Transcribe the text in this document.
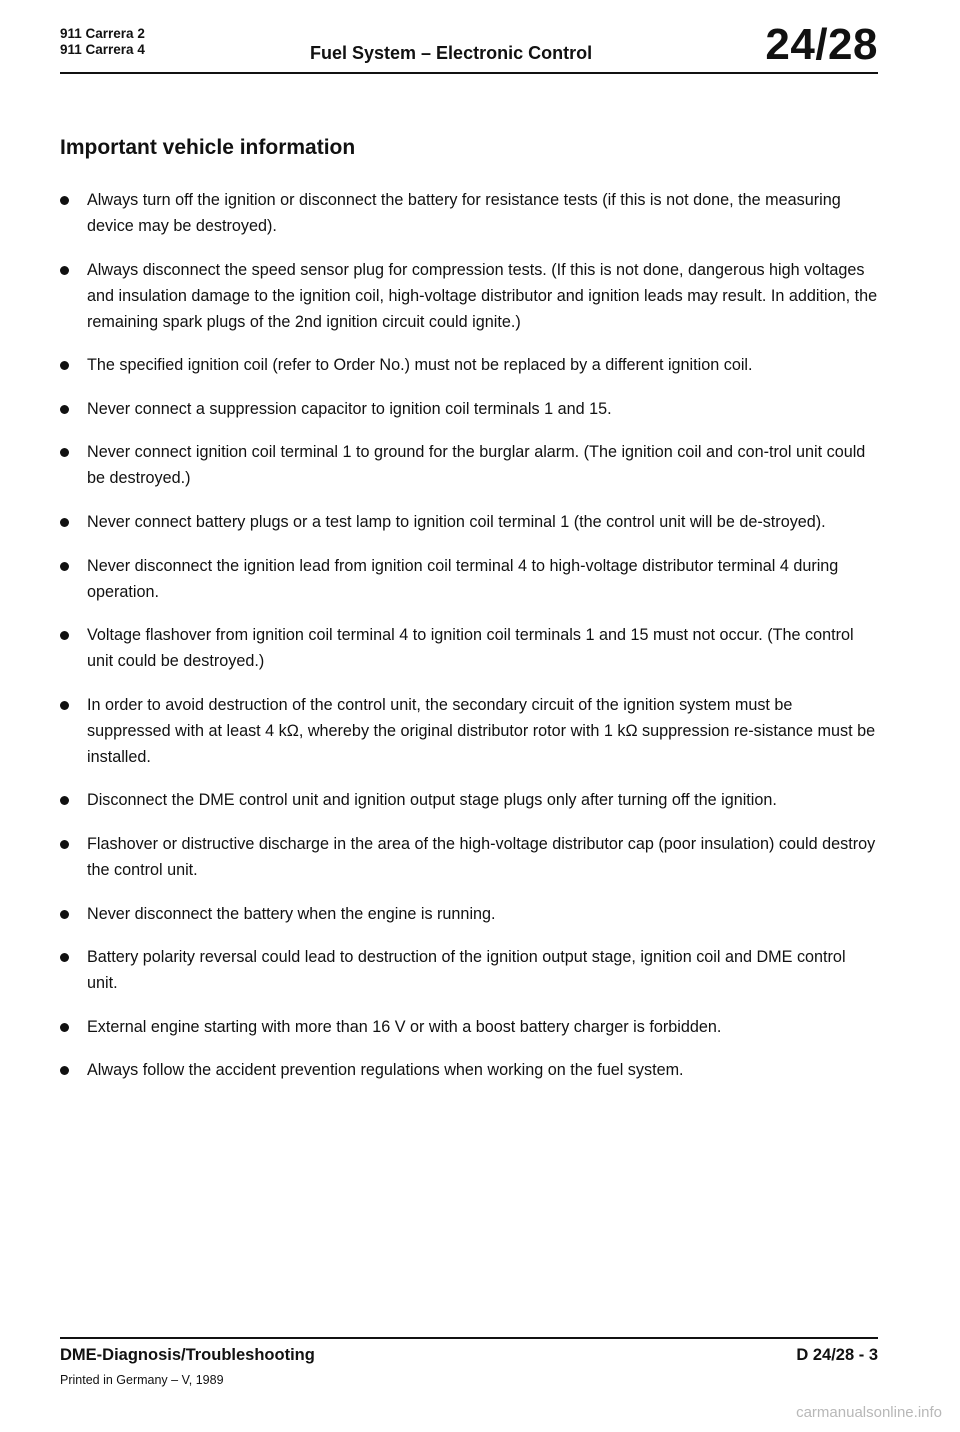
911 Carrera 2
911 Carrera 4	Fuel System – Electronic Control	24/28
Important vehicle information
Always turn off the ignition or disconnect the battery for resistance tests (if this is not done, the measuring device may be destroyed).
Always disconnect the speed sensor plug for compression tests. (If this is not done, dangerous high voltages and insulation damage to the ignition coil, high-voltage distributor and ignition leads may result. In addition, the remaining spark plugs of the 2nd ignition circuit could ignite.)
The specified ignition coil (refer to Order No.) must not be replaced by a different ignition coil.
Never connect a suppression capacitor to ignition coil terminals 1 and 15.
Never connect ignition coil terminal 1 to ground for the burglar alarm. (The ignition coil and con-trol unit could be destroyed.)
Never connect battery plugs or a test lamp to ignition coil terminal 1 (the control unit will be de-stroyed).
Never disconnect the ignition lead from ignition coil terminal 4 to high-voltage distributor terminal 4 during operation.
Voltage flashover from ignition coil terminal 4 to ignition coil terminals 1 and 15 must not occur. (The control unit could be destroyed.)
In order to avoid destruction of the control unit, the secondary circuit of the ignition system must be suppressed with at least 4 kΩ, whereby the original distributor rotor with 1 kΩ suppression re-sistance must be installed.
Disconnect the DME control unit and ignition output stage plugs only after turning off the ignition.
Flashover or distructive discharge in the area of the high-voltage distributor cap (poor insulation) could destroy the control unit.
Never disconnect the battery when the engine is running.
Battery polarity reversal could lead to destruction of the ignition output stage, ignition coil and DME control unit.
External engine starting with more than 16 V or with a boost battery charger is forbidden.
Always follow the accident prevention regulations when working on the fuel system.
DME-Diagnosis/Troubleshooting	D 24/28 - 3
Printed in Germany – V, 1989
carmanualsonline.info
